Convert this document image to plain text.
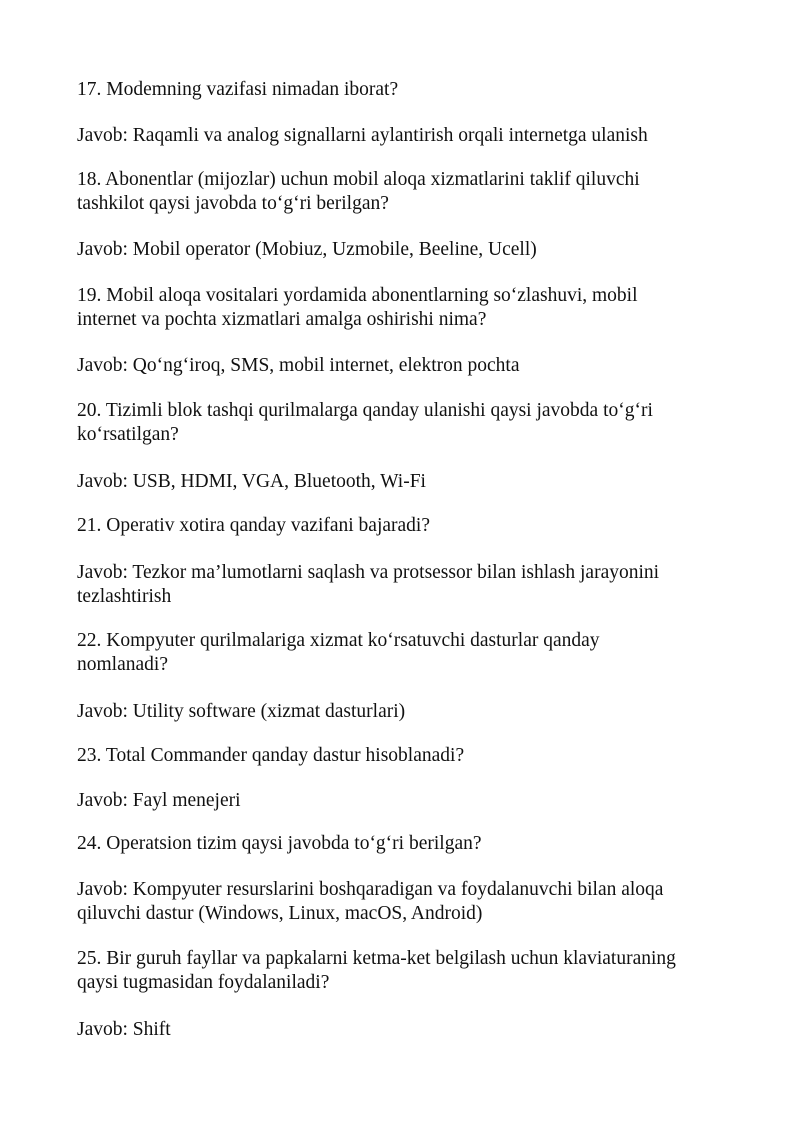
17. Modemning vazifasi nimadan iborat?

Javob: Raqamli va analog signallarni aylantirish orqali internetga ulanish

18. Abonentlar (mijozlar) uchun mobil aloqa xizmatlarini taklif qiluvchi

tashkilot qaysi javobda to‘g‘ri berilgan?

Javob: Mobil operator (Mobiuz, Uzmobile, Beeline, Ucell)

19. Mobil aloqa vositalari yordamida abonentlarning so‘zlashuvi, mobil

internet va pochta xizmatlari amalga oshirishi nima?

Javob: Qo‘ng‘iroq, SMS, mobil internet, elektron pochta

20. Tizimli blok tashqi qurilmalarga qanday ulanishi qaysi javobda to‘g‘ri

ko‘rsatilgan?

Javob: USB, HDMI, VGA, Bluetooth, Wi-Fi

21. Operativ xotira qanday vazifani bajaradi?

Javob: Tezkor ma’lumotlarni saqlash va protsessor bilan ishlash jarayonini

tezlashtirish

22. Kompyuter qurilmalariga xizmat ko‘rsatuvchi dasturlar qanday

nomlanadi?

Javob: Utility software (xizmat dasturlari)

23. Total Commander qanday dastur hisoblanadi?

Javob: Fayl menejeri

24. Operatsion tizim qaysi javobda to‘g‘ri berilgan?

Javob: Kompyuter resurslarini boshqaradigan va foydalanuvchi bilan aloqa

qiluvchi dastur (Windows, Linux, macOS, Android)

25. Bir guruh fayllar va papkalarni ketma-ket belgilash uchun klaviaturaning

qaysi tugmasidan foydalaniladi?

Javob: Shift
